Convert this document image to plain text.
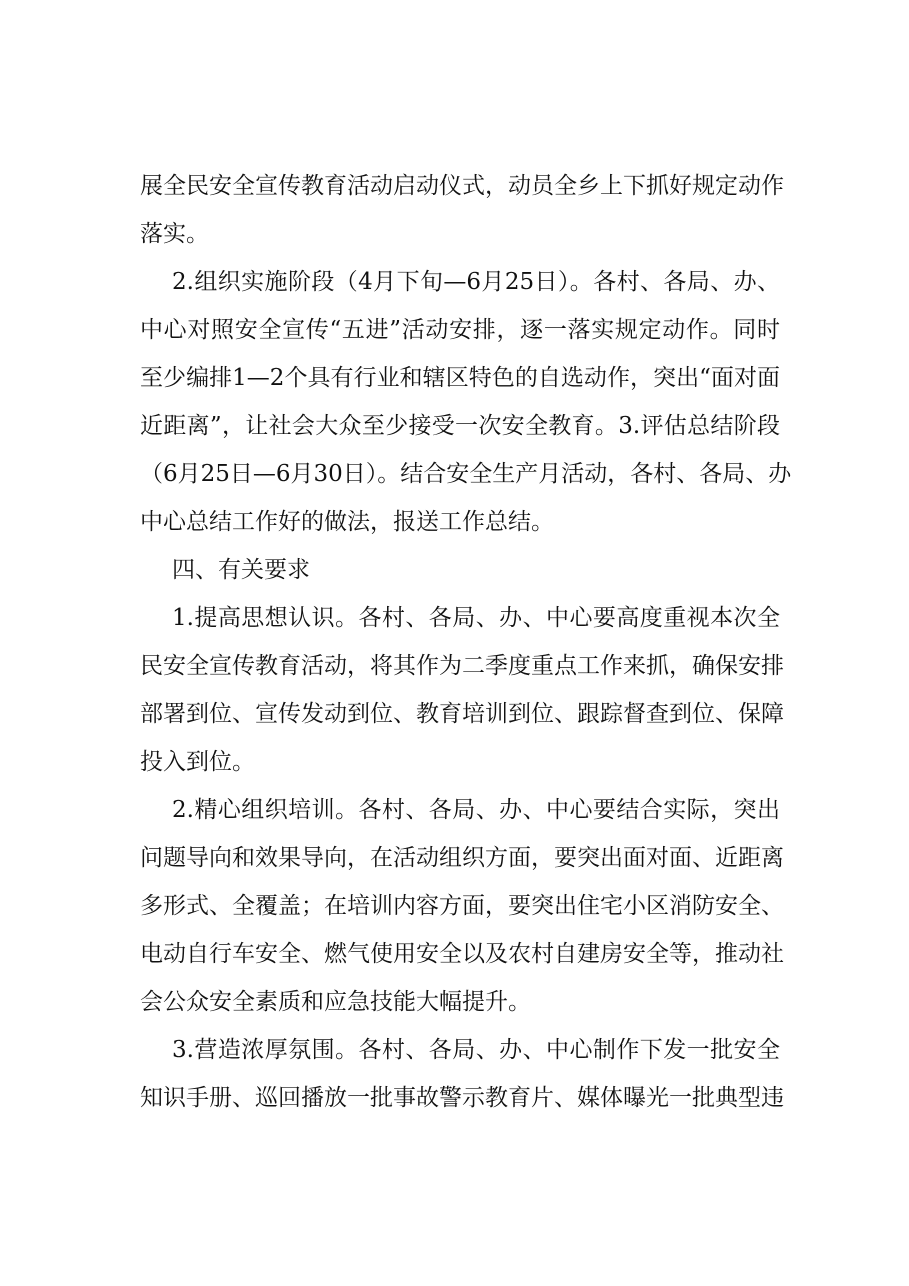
展全民安全宣传教育活动启动仪式，动员全乡上下抓好规定动作
落实。
2.组织实施阶段（4月下旬—6月25日）。各村、各局、办、
中心对照安全宣传“五进”活动安排，逐一落实规定动作。同时
至少编排1—2个具有行业和辖区特色的自选动作，突出“面对面
近距离”，让社会大众至少接受一次安全教育。3.评估总结阶段
（6月25日—6月30日）。结合安全生产月活动，各村、各局、办
中心总结工作好的做法，报送工作总结。
四、有关要求
1.提高思想认识。各村、各局、办、中心要高度重视本次全
民安全宣传教育活动，将其作为二季度重点工作来抓，确保安排
部署到位、宣传发动到位、教育培训到位、跟踪督查到位、保障
投入到位。
2.精心组织培训。各村、各局、办、中心要结合实际，突出
问题导向和效果导向，在活动组织方面，要突出面对面、近距离
多形式、全覆盖；在培训内容方面，要突出住宅小区消防安全、
电动自行车安全、燃气使用安全以及农村自建房安全等，推动社
会公众安全素质和应急技能大幅提升。
3.营造浓厚氛围。各村、各局、办、中心制作下发一批安全
知识手册、巡回播放一批事故警示教育片、媒体曝光一批典型违
